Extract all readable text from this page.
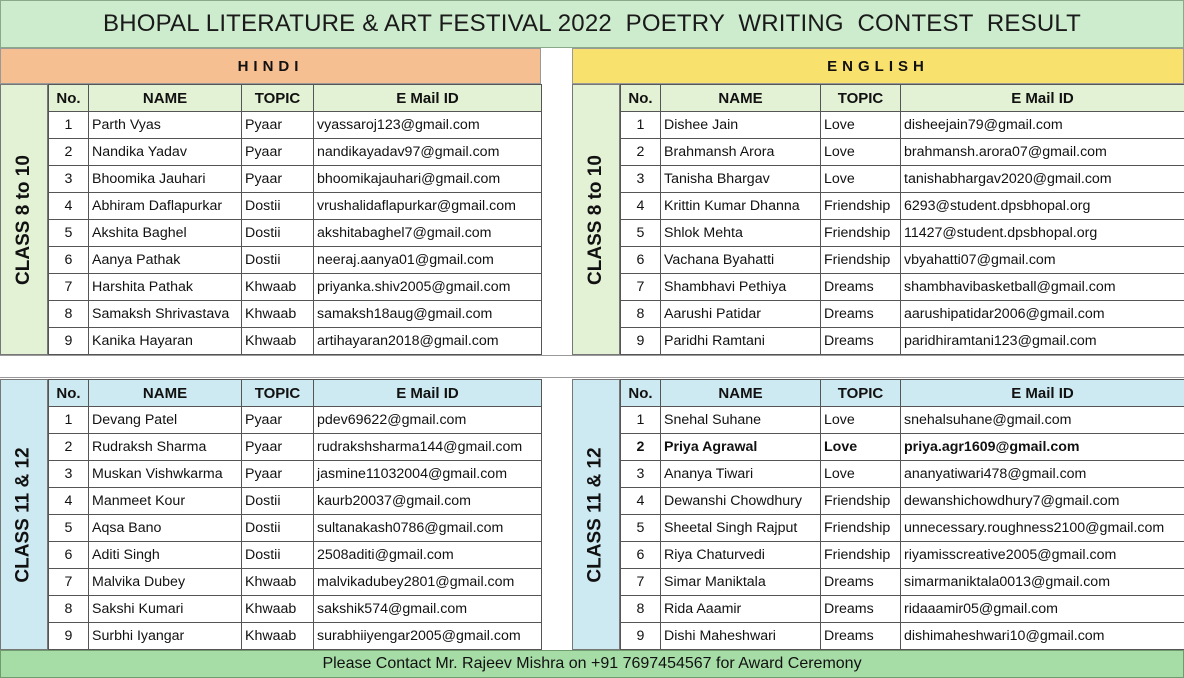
BHOPAL LITERATURE & ART FESTIVAL 2022  POETRY  WRITING  CONTEST  RESULT
HINDI	ENGLISH
CLASS 8 to 10
No.	NAME	TOPIC	E Mail ID
1	Parth Vyas	Pyaar	vyassaroj123@gmail.com
2	Nandika Yadav	Pyaar	nandikayadav97@gmail.com
3	Bhoomika Jauhari	Pyaar	bhoomikajauhari@gmail.com
4	Abhiram Daflapurkar	Dostii	vrushalidaflapurkar@gmail.com
5	Akshita Baghel	Dostii	akshitabaghel7@gmail.com
6	Aanya Pathak	Dostii	neeraj.aanya01@gmail.com
7	Harshita Pathak	Khwaab	priyanka.shiv2005@gmail.com
8	Samaksh Shrivastava	Khwaab	samaksh18aug@gmail.com
9	Kanika Hayaran	Khwaab	artihayaran2018@gmail.com
CLASS 8 to 10
No.	NAME	TOPIC	E Mail ID
1	Dishee Jain	Love	disheejain79@gmail.com
2	Brahmansh Arora	Love	brahmansh.arora07@gmail.com
3	Tanisha Bhargav	Love	tanishabhargav2020@gmail.com
4	Krittin Kumar Dhanna	Friendship	6293@student.dpsbhopal.org
5	Shlok Mehta	Friendship	11427@student.dpsbhopal.org
6	Vachana Byahatti	Friendship	vbyahatti07@gmail.com
7	Shambhavi Pethiya	Dreams	shambhavibasketball@gmail.com
8	Aarushi Patidar	Dreams	aarushipatidar2006@gmail.com
9	Paridhi Ramtani	Dreams	paridhiramtani123@gmail.com
CLASS 11 & 12
No.	NAME	TOPIC	E Mail ID
1	Devang Patel	Pyaar	pdev69622@gmail.com
2	Rudraksh Sharma	Pyaar	rudrakshsharma144@gmail.com
3	Muskan Vishwkarma	Pyaar	jasmine11032004@gmail.com
4	Manmeet Kour	Dostii	kaurb20037@gmail.com
5	Aqsa Bano	Dostii	sultanakash0786@gmail.com
6	Aditi Singh	Dostii	2508aditi@gmail.com
7	Malvika Dubey	Khwaab	malvikadubey2801@gmail.com
8	Sakshi Kumari	Khwaab	sakshik574@gmail.com
9	Surbhi Iyangar	Khwaab	surabhiiyengar2005@gmail.com
CLASS 11 & 12
No.	NAME	TOPIC	E Mail ID
1	Snehal Suhane	Love	snehalsuhane@gmail.com
2	Priya Agrawal	Love	priya.agr1609@gmail.com
3	Ananya Tiwari	Love	ananyatiwari478@gmail.com
4	Dewanshi Chowdhury	Friendship	dewanshichowdhury7@gmail.com
5	Sheetal Singh Rajput	Friendship	unnecessary.roughness2100@gmail.com
6	Riya Chaturvedi	Friendship	riyamisscreative2005@gmail.com
7	Simar Maniktala	Dreams	simarmaniktala0013@gmail.com
8	Rida Aaamir	Dreams	ridaaamir05@gmail.com
9	Dishi Maheshwari	Dreams	dishimaheshwari10@gmail.com
Please Contact Mr. Rajeev Mishra on +91 7697454567 for Award Ceremony
